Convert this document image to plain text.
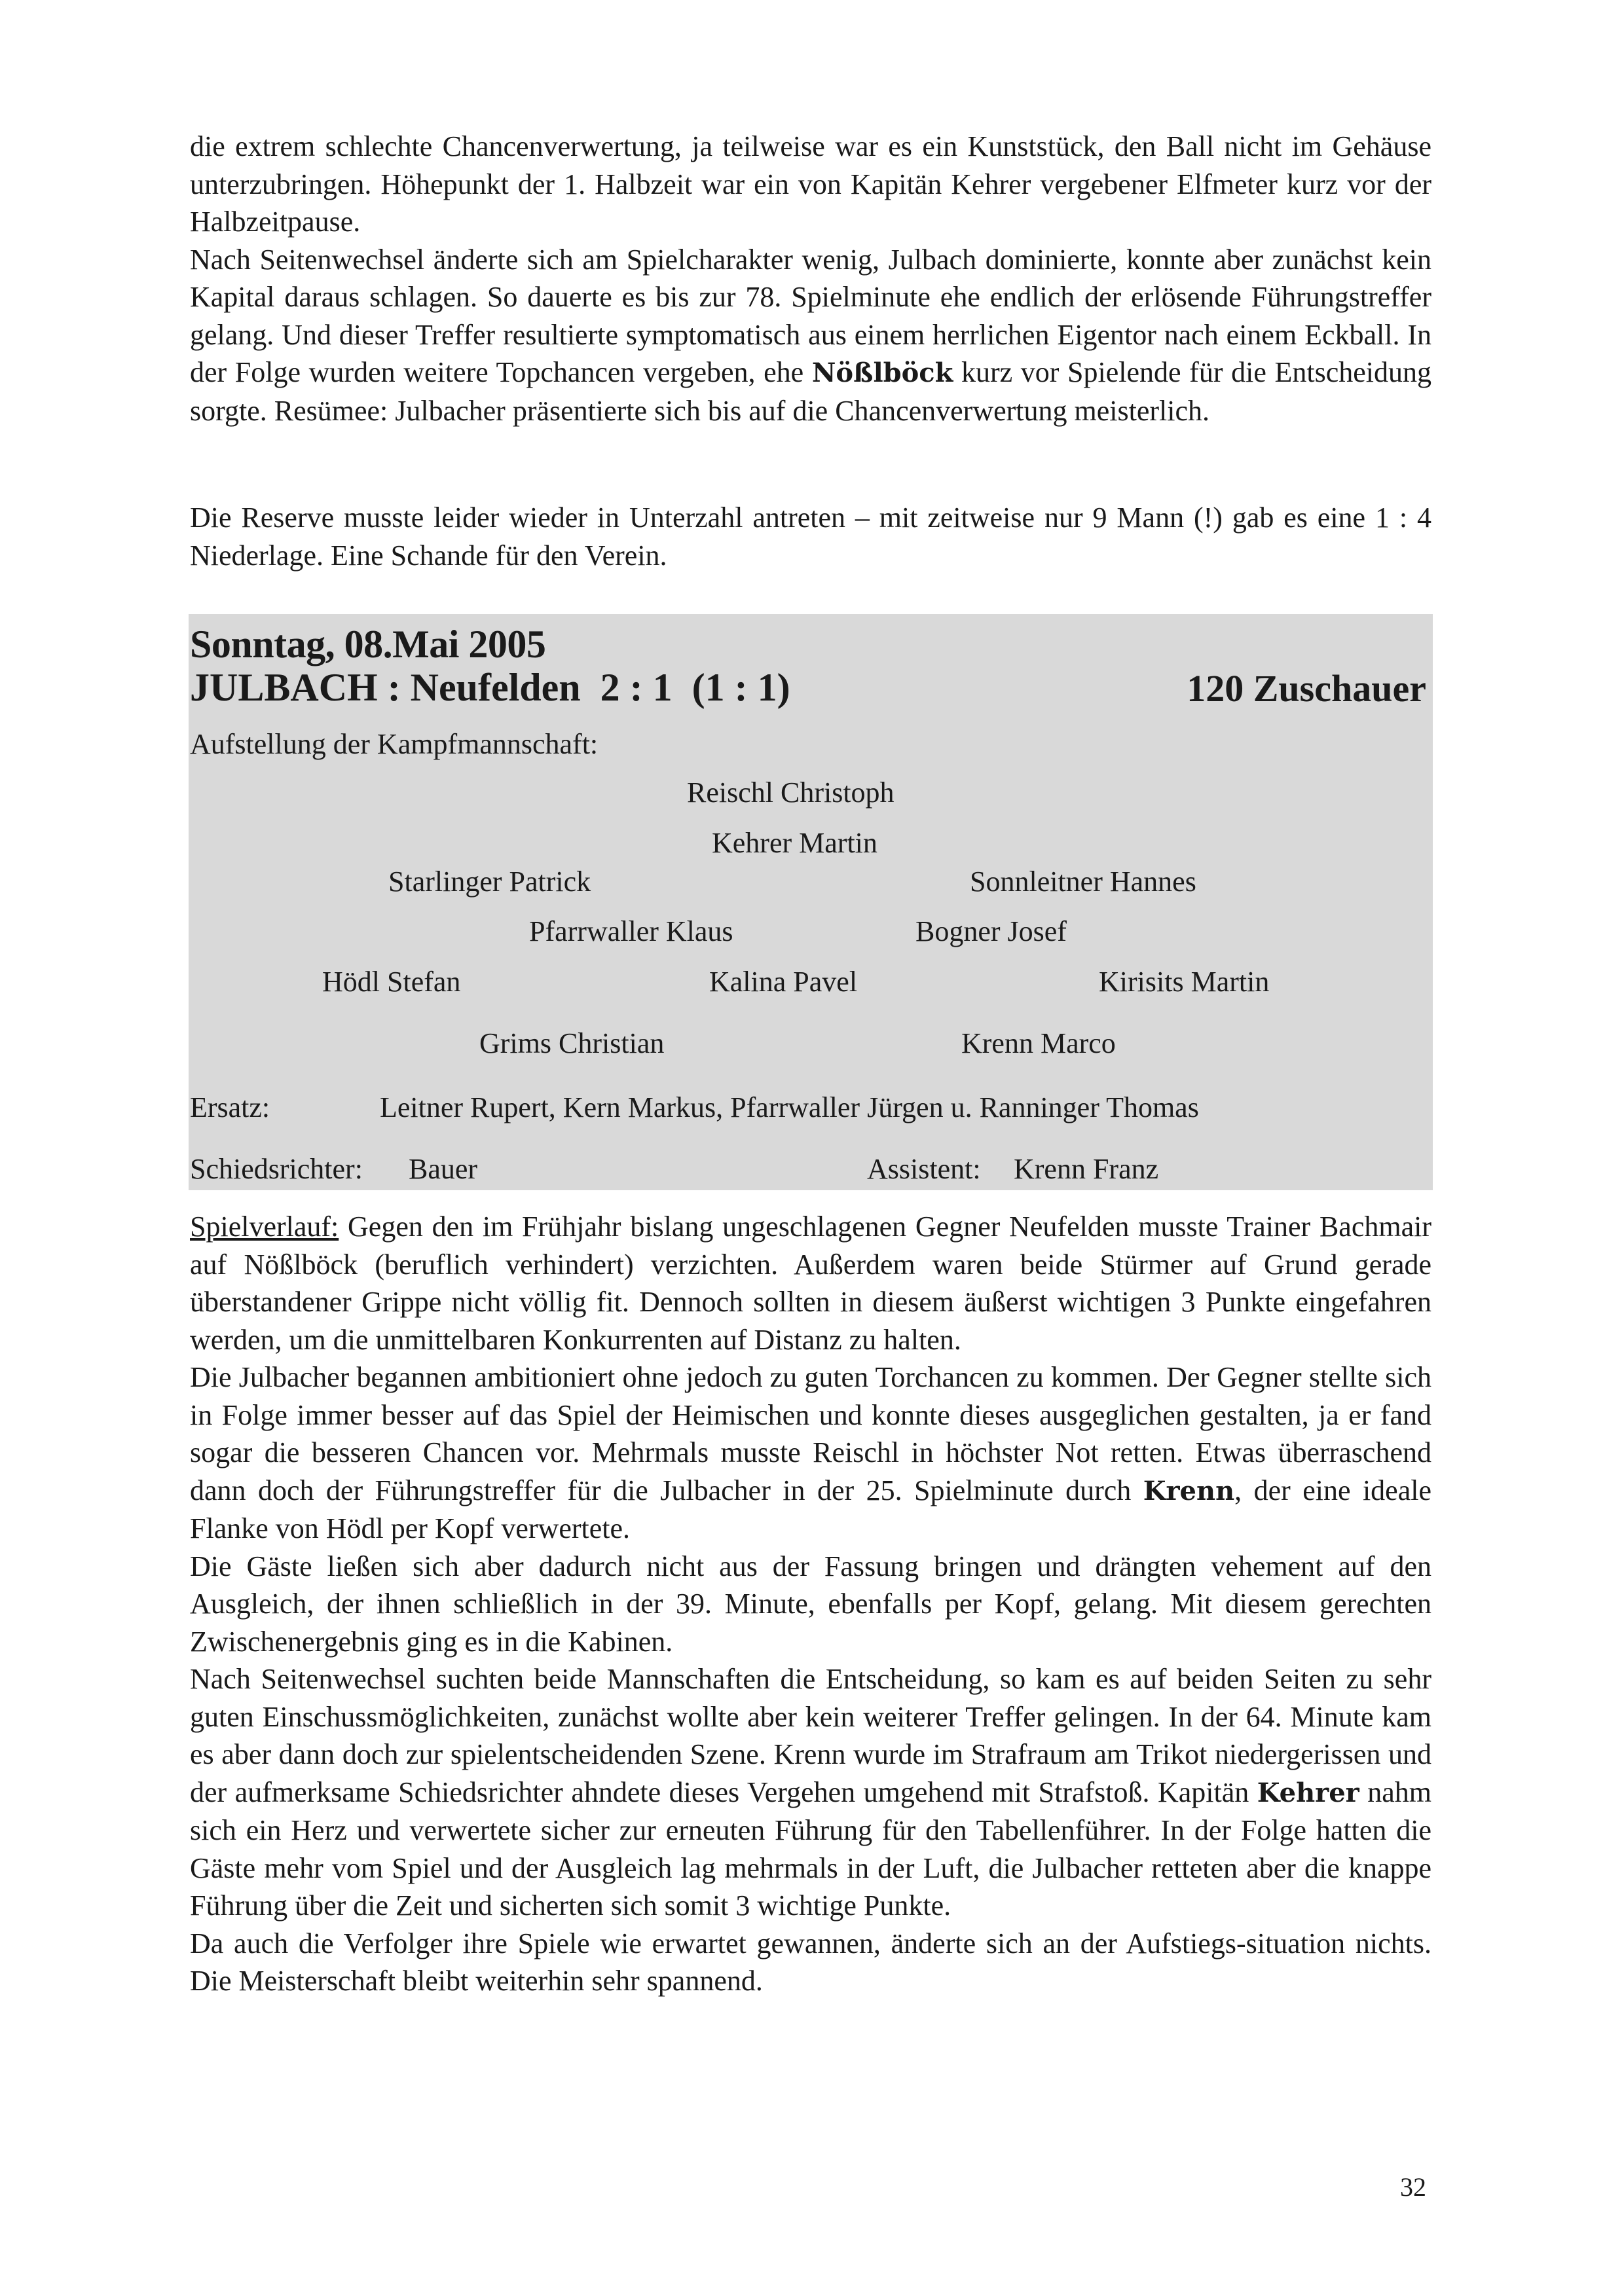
die extrem schlechte Chancenverwertung, ja teilweise war es ein Kunststück, den Ball nicht im Gehäuse unterzubringen. Höhepunkt der 1. Halbzeit war ein von Kapitän Kehrer vergebener Elfmeter kurz vor der Halbzeitpause.

Nach Seitenwechsel änderte sich am Spielcharakter wenig, Julbach dominierte, konnte aber zunächst kein Kapital daraus schlagen. So dauerte es bis zur 78. Spielminute ehe endlich der erlösende Führungstreffer gelang. Und dieser Treffer resultierte symptomatisch aus einem herrlichen Eigentor nach einem Eckball. In der Folge wurden weitere Topchancen vergeben, ehe Nößlböck kurz vor Spielende für die Entscheidung sorgte. Resümee: Julbacher präsentierte sich bis auf die Chancenverwertung meisterlich.

Die Reserve musste leider wieder in Unterzahl antreten – mit zeitweise nur 9 Mann (!) gab es eine 1 : 4 Niederlage. Eine Schande für den Verein.

Sonntag, 08.Mai 2005
JULBACH : Neufelden  2 : 1  (1 : 1)	120 Zuschauer
Aufstellung der Kampfmannschaft:
Reischl Christoph
Kehrer Martin
Starlinger Patrick	Sonnleitner Hannes
Pfarrwaller Klaus	Bogner Josef
Hödl Stefan	Kalina Pavel	Kirisits Martin
Grims Christian	Krenn Marco
Ersatz:	Leitner Rupert, Kern Markus, Pfarrwaller Jürgen u. Ranninger Thomas
Schiedsrichter: Bauer	Assistent: Krenn Franz

Spielverlauf: Gegen den im Frühjahr bislang ungeschlagenen Gegner Neufelden musste Trainer Bachmair auf Nößlböck (beruflich verhindert) verzichten. Außerdem waren beide Stürmer auf Grund gerade überstandener Grippe nicht völlig fit. Dennoch sollten in diesem äußerst wichtigen 3 Punkte eingefahren werden, um die unmittelbaren Konkurrenten auf Distanz zu halten.

Die Julbacher begannen ambitioniert ohne jedoch zu guten Torchancen zu kommen. Der Gegner stellte sich in Folge immer besser auf das Spiel der Heimischen und konnte dieses ausgeglichen gestalten, ja er fand sogar die besseren Chancen vor. Mehrmals musste Reischl in höchster Not retten. Etwas überraschend dann doch der Führungstreffer für die Julbacher in der 25. Spielminute durch Krenn, der eine ideale Flanke von Hödl per Kopf verwertete.

Die Gäste ließen sich aber dadurch nicht aus der Fassung bringen und drängten vehement auf den Ausgleich, der ihnen schließlich in der 39. Minute, ebenfalls per Kopf, gelang. Mit diesem gerechten Zwischenergebnis ging es in die Kabinen.

Nach Seitenwechsel suchten beide Mannschaften die Entscheidung, so kam es auf beiden Seiten zu sehr guten Einschussmöglichkeiten, zunächst wollte aber kein weiterer Treffer gelingen. In der 64. Minute kam es aber dann doch zur spielentscheidenden Szene. Krenn wurde im Strafraum am Trikot niedergerissen und der aufmerksame Schiedsrichter ahndete dieses Vergehen umgehend mit Strafstoß. Kapitän Kehrer nahm sich ein Herz und verwertete sicher zur erneuten Führung für den Tabellenführer. In der Folge hatten die Gäste mehr vom Spiel und der Ausgleich lag mehrmals in der Luft, die Julbacher retteten aber die knappe Führung über die Zeit und sicherten sich somit 3 wichtige Punkte.

Da auch die Verfolger ihre Spiele wie erwartet gewannen, änderte sich an der Aufstiegs-situation nichts. Die Meisterschaft bleibt weiterhin sehr spannend.

32
